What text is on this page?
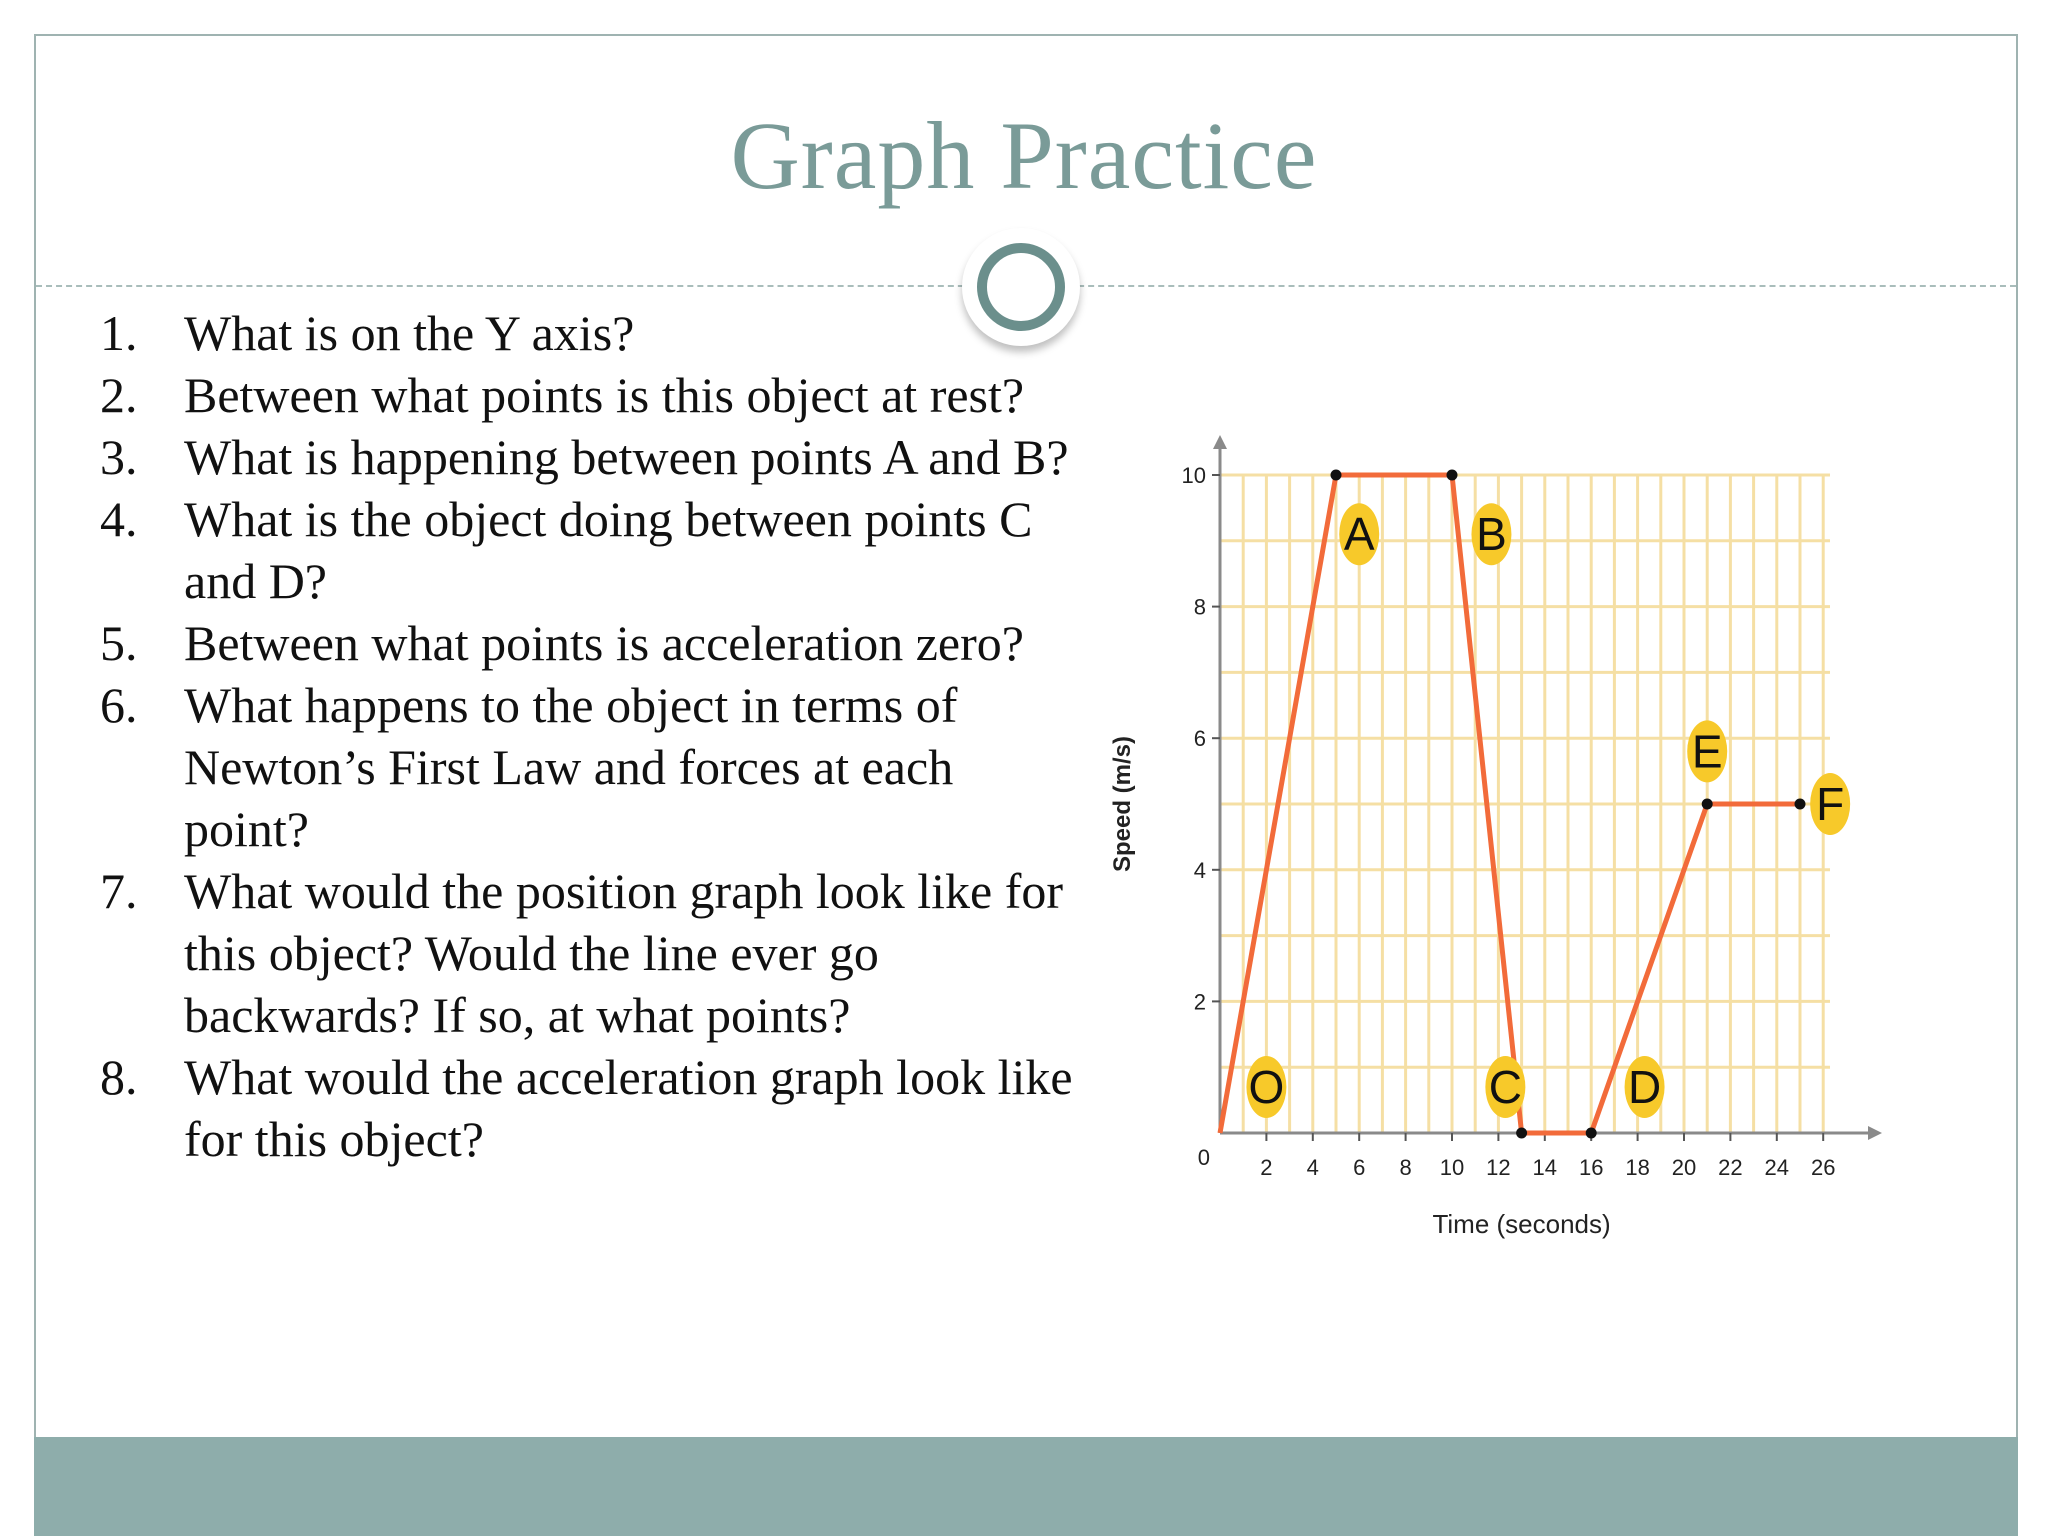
Graph Practice
1. What is on the Y axis?
2. Between what points is this object at rest?
3. What is happening between points A and B?
4. What is the object doing between points C and D?
5. Between what points is acceleration zero?
6. What happens to the object in terms of Newton’s First Law and forces at each point?
7. What would the position graph look like for this object? Would the line ever go backwards? If so, at what points?
8. What would the acceleration graph look like for this object?
2 4 6 8 10 12 14 16 18 20 22 24 26
2
4
6
8
10
0
Time (seconds)
Speed (m/s)
O
A B
C D
E
F
